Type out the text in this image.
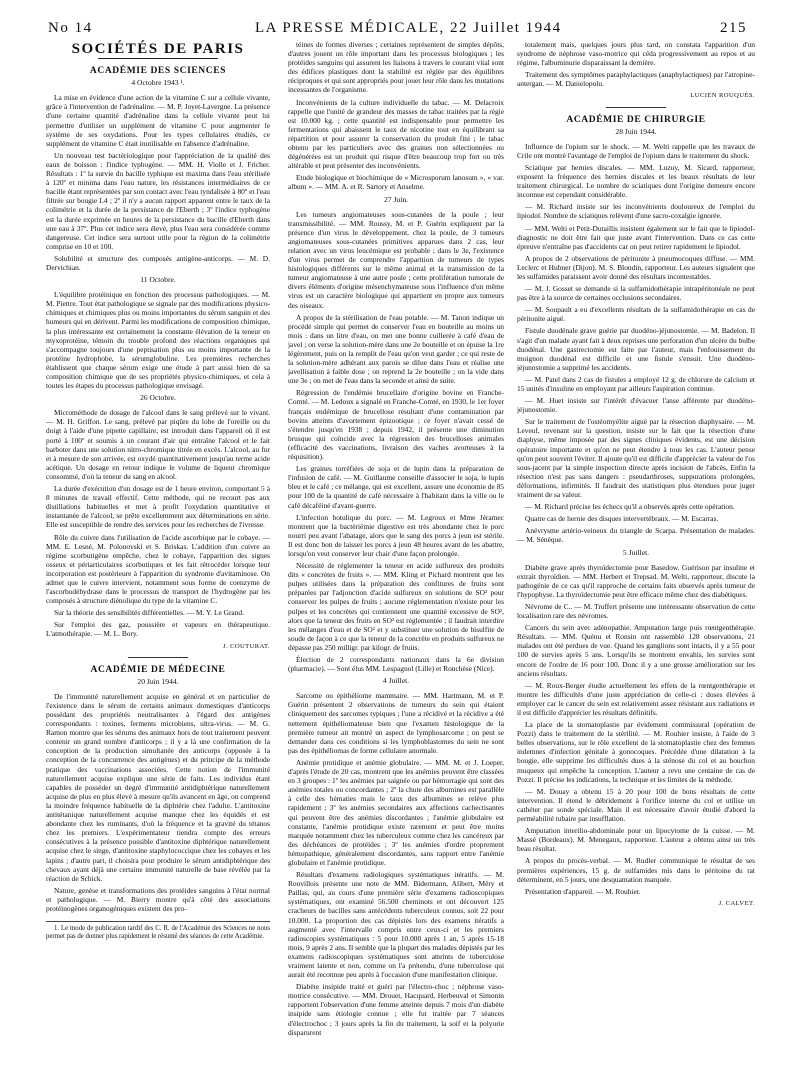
No 14	LA PRESSE MÉDICALE, 22 Juillet 1944	215
SOCIÉTÉS DE PARIS
ACADÉMIE DES SCIENCES
4 Octobre 1943 ¹.

La mise en évidence d'une action de la vitamine C sur a cellule vivante, grâce à l'intervention de l'adrénaline. — M. P. Joyet-Lavergne. La présence d'une certaine quantité d'adrénaline dans la cellule vivante peut lui permettre d'utiliser un supplément de vitamine C pour augmenter le système de ses oxydations. Pour les types cellulaires étudiés, ce supplément de vitamine C était inutilisable en l'absence d'adrénaline.

Un nouveau test bactériologique pour l'appréciation de la qualité des eaux de boisson : l'indice typhogène. — MM. H. Violle et J. Fricher. Résultats : 1º la survie du bacille typhique est maxima dans l'eau stérilisée à 120º et minima dans l'eau nature, les résistances intermédiaires de ce bacille étant représentées par son contact avec l'eau tyndalisée à 80º et l'eau filtrée sur bougie L4 ; 2º il n'y a aucun rapport apparent entre le taux de la colimétrie et la durée de la persistance de l'Eberth ; 3º l'indice typhogène est la durée exprimée en heures de la persistance du bacille d'Eberth dans une eau à 37º. Plus cet indice sera élevé, plus l'eau sera considérée comme dangereuse. Cet indice sera surtout utile pour la région de la colimétrie comprise en 10 et 100.

Solubilité et structure des composés antigène-anticorps. — M. D. Dervichian.

11 Octobre.

L'équilibre protéinique en fonction des processus pathologiques. — M. M. Piettre. Tout état pathologique se signale par des modifications physico-chimiques et chimiques plus ou moins importantes du sérum sanguin et des humeurs qui en dérivent. Parmi les modifications de composition chimique, la plus intéressante est certainement la constante élévation de la teneur en myxoprotéine, témoin du trouble profond des réactions organiques qui s'accompagne toujours d'une peptisation plus ou moins importante de la protéine hydrophobe, la sérumglobuline. Les premières recherches établissent que chaque sérum exige une étude à part aussi bien de sa composition chimique que de ses propriétés physico-chimiques, et cela à toutes les étapes du processus pathologique envisagé.

26 Octobre.

Microméthode de dosage de l'alcool dans le sang prélevé sur le vivant. — M. H. Griffon. Le sang, prélevé par piqûre du lobe de l'oreille ou du doigt à l'aide d'une pipette capillaire, est introduit dans l'appareil où il est porté à 100º et soumis à un courant d'air qui entraîne l'alcool et le fait barboter dans une solution nitro-chromique titrée en excès. L'alcool, au fur et à mesure de son arrivée, est oxydé quantitativement jusqu'au terme acide acétique. Un dosage en retour indique le volume de liqueur chromique consommé, d'où la teneur du sang en alcool.

La durée d'exécution d'un dosage est de 1 heure environ, comportant 5 à 8 minutes de travail effectif. Cette méthode, qui ne recourt pas aux distillations habituelles et met à profit l'oxydation quantitative et instantanée de l'alcool, se prête excellemment aux déterminations en série. Elle est susceptible de rendre des services pour les recherches de l'ivresse.

Rôle du cuivre dans l'utilisation de l'acide ascorbique par le cobaye. — MM. E. Lesné, M. Polonovski et S. Briskas. L'addition d'un cuivre au régime scorbutigène empêche, chez le cobaye, l'apparition des signes osseux et périarticulaires scorbutiques et les fait rétrocéder lorsque leur incorporation est postérieure à l'apparition du syndrome d'avitaminose. On admet que le cuivre intervient, notamment sous forme de coenzyme de l'ascorbodéhydrase dans le processus de transport de l'hydrogène par les composés à structure diénolique du type de la vitamine C.

Sur la théorie des sensibilités différentielles. — M. Y. Le Grand.

Sur l'emploi des gaz, poussière et vapeurs en thérapeutique. L'atmothérapie. — M. L. Bory.

J. COUTURAT.
ACADÉMIE DE MÉDECINE
20 Juin 1944.

De l'immunité naturellement acquise en général et en particulier de l'existence dans le sérum de certains animaux domestiques d'anticorps possédant des propriétés neutralisantes à l'égard des antigènes correspondants : toxines, ferments microbiens, ultra-virus. — M. G. Ramon montre que les sérums des animaux hors de tout traitement peuvent contenir un grand nombre d'anticorps ; il y a là une confirmation de la conception de la production simultanée des anticorps (opposée à la conception de la concurrence des antigènes) et du principe de la méthode pratique des vaccinations associées. Cette notion de l'immunité naturellement acquise explique une série de faits. Les individus étant capables de posséder un degré d'immunité antidiphtérique naturellement acquise de plus en plus élevé à mesure qu'ils avancent en âge, on comprend la moindre fréquence habituelle de la diphtérie chez l'adulte. L'antitoxine antitétanique naturellement acquise manque chez les équidés et est abondante chez les ruminants, d'où la fréquence et la gravité du tétanos chez les premiers. L'expérimentateur tiendra compte des erreurs consécutives à la présence possible d'antitoxine diphtérique naturellement acquise chez le singe, d'antitoxine staphylococcique chez les cobayes et les lapins ; d'autre part, il choisira pour produire le sérum antidiphtérique des chevaux ayant déjà une certaine immunité naturelle de base révélée par la réaction de Schick.

Nature, genèse et transformations des protéides sanguins à l'état normal et pathologique. — M. Bierry montre qu'à côté des associations protéinogènes organogéniques existent des pro-

1. Le mode de publication tardif des C. R. de l'Académie des Sciences ne nous permet pas de donner plus rapidement le résumé des séances de cette Académie.

téines de formes diverses ; certaines représentent de simples dépôts, d'autres jouent un rôle important dans les processus biologiques ; les protéides sanguins qui assurent les liaisons à travers le courant vital sont des édifices plastiques dont la stabilité est réglée par des équilibres réciproques et qui sont appropriés pour jouer leur rôle dans les mutations incessantes de l'organisme.

Inconvénients de la culture individuelle du tabac. — M. Delacroix rappelle que l'unité de grandeur des masses de tabac traitées par la régie est 10.000 kg. ; cette quantité est indispensable pour permettre les fermentations qui abaissent le taux de nicotine tout en équilibrant sa répartition et pour assurer la conservation du produit fini ; le tabac obtenu par les particuliers avec des graines non sélectionnées ou dégénérées est un produit qui risque d'être beaucoup trop fort ou très altérable et peut présenter des inconvénients.

Etude biologique et biochimique de « Microsporum lanosum », « var. album ». — MM. A. et R. Sartory et Anselme.

27 Juin.

Les tumeurs angiomateuses sous-cutanées de la poule ; leur transmissibilité. — MM. Roussy, M. et P. Guérin expliquent par la présence d'un virus le développement, chez la poule, de 3 tumeurs angiomateuses sous-cutanées primitives apparues dans 2 cas, leur relation avec un virus leucémique est probable ; dans le 3e, l'existence d'un virus permet de comprendre l'apparition de tumeurs de types histologiques différents sur le même animal et la transmission de la tumeur angiomateuse à une autre poule ; cette prolifération tumorale de divers éléments d'origine mésenchymateuse sous l'influence d'un même virus est un caractère biologique qui appartient en propre aux tumeurs des oiseaux.

A propos de la stérilisation de l'eau potable. — M. Tanon indique un procédé simple qui permet de conserver l'eau en bouteille au moins un mois : dans un litre d'eau, on met une bonne cuillerée à café d'eau de javel ; on verse la solution-mère dans une 2e bouteille et on épuise la 1re légèrement, puis on la remplit de l'eau qu'on veut garder ; ce qui reste de la solution-mère adhérant aux parois se dilue dans l'eau et réalise une javellisation à faible dose ; on reprend la 2e bouteille ; on la vide dans une 3e ; on met de l'eau dans la seconde et ainsi de suite.

Régression de l'endémie brucellaire d'origine bovine en Franche-Comté. — M. Ledoux a signalé en Franche-Comté, en 1930, le 1er foyer français endémique de brucellose résultant d'une contamination par bovins atteints d'avortement épizootique ; ce foyer n'avait cessé de s'étendre jusqu'en 1938 ; depuis 1942, il présente une diminution brusque qui coïncide avec la régression des brucelloses animales (efficacité des vaccinations, livraison des vaches avorteuses à la réquisition).

Les graines torréfiées de soja et de lupin dans la préparation de l'infusion de café. — M. Guillaume conseille d'associer le soja, le lupin bleu et le café ; ce mélange, qui est excellent, assure une économie de 85 pour 100 de la quantité de café nécessaire à l'habitant dans la ville ou le café décaféiné d'avant-guerre.

L'infection botulique du porc. — M. Legroux et Mme Jéramec montrent que la bactériémie digestive est très abondante chez le porc nourri peu avant l'abatage, alors que le sang des porcs à jeun est stérile. Il est donc bon de laisser les porcs à jeun 48 heures avant de les abattre, lorsqu'on veut conserver leur chair d'une façon prolongée.

Nécessité de réglementer la teneur en acide sulfureux des produits dits « concrètes de fruits ». — MM. Kling et Pichard montrent que les pulpes utilisées dans la préparation des confitures de fruits sont préparées par l'adjonction d'acide sulfureux en solutions de SO² pour conserver les pulpes de fruits ; aucune réglementation n'existe pour les pulpes et les concrètes qui contiennent une quantité excessive de SO², alors que la teneur des fruits en SO² est réglementée ; il faudrait interdire les mélanges d'eau et de SO² et y substituer une solution de bisulfite de soude de façon à ce que la teneur de la concrète en produits sulfureux ne dépasse pas 250 milligr. par kilogr. de fruits.

Élection de 2 correspondants nationaux dans la 6e division (pharmacie). — Sont élus MM. Lespagnol (Lille) et Ronchèse (Nice).

4 Juillet.

Sarcome ou épithéliome mammaire. — MM. Hartmann, M. et P. Guérin présentent 2 observations de tumeurs du sein qui étaient cliniquement des sarcomes typiques ; l'une a récidivé et la récidive a été nettement épithéliomateuse bien que l'examen histologique de la première tumeur ait montré un aspect de lymphosarcome ; on peut se demander dans ces conditions si les lymphoblastomes du sein ne sont pas des épithéliomas de forme cellulaire anormale.

Anémie protidique et anémie globulaire. — MM. M. et J. Loeper, d'après l'étude de 20 cas, montrent que les anémies peuvent être classées en 3 groupes : 1º les anémies par saignée ou par hémorragie qui sont des anémies totales ou concordantes ; 2º la chute des albumines est parallèle à celle des hématies mais le taux des albumines se relève plus rapidement ; 3º les anémies secondaires aux affections cachectisantes qui peuvent être des anémies discordantes ; l'anémie globulaire est constante, l'anémie protidique existe rarement et peut être moins marquée notamment chez les tuberculeux comme chez les cancéreux par des déchéances de protéides ; 3º les anémies d'ordre proprement hémopathique, généralement discordantes, sans rapport entre l'anémie globulaire et l'anémie protidique.

Résultats d'examens radiologiques systématiques itératifs. — M. Rouvillois présente une note de MM. Bidermann, Alibert, Méry et Paillas, qui, au cours d'une première série d'examens radioscopiques systématiques, ont examiné 56.500 cheminots et ont découvert 125 cracheurs de bacilles sans antécédents tuberculeux connus, soit 22 pour 10.000. La proportion des cas dépistés lors des examens itératifs a augmenté avec l'intervalle compris entre ceux-ci et les premiers radioscopies systématiques : 5 pour 10.000 après 1 an, 5 après 15-18 mois, 9 après 2 ans. Il semble que la plupart des malades dépistés par les examens radioscopiques systématiques sont atteints de tuberculose vraiment latente et non, comme on l'a prétendu, d'une tuberculose qui aurait été reconnue peu après à l'occasion d'une manifestation clinique.

Diabète insipide traité et guéri par l'électro-choc ; néphrose vaso-motrice consécutive. — MM. Drouet, Hacquard, Herbeuval et Simonin rapportent l'observation d'une femme atteinte depuis 7 mois d'un diabète insipide sans étiologie connue ; elle fut traitée par 7 séances d'électrochoc ; 3 jours après la fin du traitement, la soif et la polyurie disparurent

totalement mais, quelques jours plus tard, on constata l'apparition d'un syndrome de néphrose vaso-motrice qui céda progressivement au repos et au régime, l'albuminurie disparaissant la dernière.

Traitement des symptômes paraphylactiques (anaphylactiques) par l'atropine-antergan. — M. Danielopolu.

LUCIEN ROUQUÈS.
ACADÉMIE DE CHIRURGIE
28 Juin 1944.

Influence de l'opium sur le shock. — M. Welti rappelle que les travaux de Crile ont montré l'avantage de l'emploi de l'opium dans le traitement du shock.

Sciatique par hernies discales. — MM. Luzuy, M. Sicard, rapporteur, exposent la fréquence des hernies discales et les beaux résultats de leur traitement chirurgical. Le nombre de sciatiques dont l'origine demeure encore inconnue est cependant considérable.

— M. Richard insiste sur les inconvénients douloureux de l'emploi du lipiodol. Nombre de sciatiques relèvent d'une sacro-coxalgie ignorée.

— MM. Welti et Petit-Dutaillis insistent également sur le fait que le lipiodol-diagnostic ne doit être fait que juste avant l'intervention. Dans ce cas cette épreuve n'entraîne pas d'accidents car on peut retirer rapidement le lipiodol.

A propos de 2 observations de péritonite à pneumocoques diffuse. — MM. Leclerc et Hubner (Dijon). M. S. Blondin, rapporteur. Les auteurs signalent que les sulfamides paraissent avoir donné des résultats incontestables.

— M. J. Gosset se demande si la sulfamidothérapie intrapéritonéale ne peut pas être à la source de certaines occlusions secondaires.

— M. Soupault a eu d'excellents résultats de la sulfamidothérapie en cas de péritonite aiguë.

Fistule duodénale grave guérie par duodéno-jéjunostomie. — M. Badelon. Il s'agit d'un malade ayant fait à deux reprises une perforation d'un ulcère du bulbe duodénal. Une gastrectomie est faite par l'auteur, mais l'enfouissement du moignon duodénal est difficile et une fistule s'ensuit. Une duodéno-jéjunostomie a supprimé les accidents.

— M. Patel dans 2 cas de fistules a employé 12 g. de chlorure de calcium et 15 unités d'insuline en employant par ailleurs l'aspiration continue.

— M. Huet insiste sur l'intérêt d'évacuer l'anse afférente par duodéno-jéjunostomie.

Sur le traitement de l'ostéomyélite aiguë par la résection diaphysaire. — M. Leveuf, revenant sur la question, insiste sur le fait que la résection d'une diaphyse, même imposée par des signes cliniques évidents, est une décision opératoire importante et qu'on ne peut étendre à tous les cas. L'auteur pense qu'on peut souvent l'éviter. Il ajoute qu'il est difficile d'apprécier la valeur de l'os sous-jacent par la simple inspection directe après incision de l'abcès. Enfin la résection n'est pas sans dangers : pseudarthroses, suppurations prolongées, déformations, infirmités. Il faudrait des statistiques plus étendues pour juger vraiment de sa valeur.

— M. Richard précise les échecs qu'il a observés après cette opération.

Quatre cas de hernie des disques intervertébraux. — M. Escarras.

Anévrysme artério-veineux du triangle de Scarpa. Présentation de malades. — M. Sénèque.

5 Juillet.

Diabète grave après thyroïdectomie pour Basedow. Guérison par insuline et extrait thyroïdien. — MM. Herbert et Trepsad. M. Welti, rapporteur, discute la pathogénie de ce cas qu'il rapproche de certains faits observés après tumeur de l'hypophyse. La thyroïdectomie peut être efficace même chez des diabétiques.

Névrome de C.. — M. Truffert présente une intéressante observation de cette localisation rare des névromes.

Cancers du sein avec adénopathie. Amputation large puis rœntgenthérapie. Résultats. — MM. Quénu et Ronsin ont rassemblé 128 observations, 21 malades ont été perdues de vue. Quand les ganglions sont intacts, il y a 55 pour 100 de survies après 5 ans. Lorsqu'ils se montrent envahis, les survies sont encore de l'ordre de 16 pour 100. Donc il y a une grosse amélioration sur les anciens résultats.

— M. Roux-Berger étudie actuellement les effets de la rœntgenthérapie et montre les difficultés d'une juste appréciation de celle-ci : doses élevées à employer car le cancer du sein est relativement assez résistant aux radiations et il est difficile d'apprécier les résultats définitifs.

La place de la stomatoplastie par évidement commissural (opération de Pozzi) dans le traitement de la stérilité. — M. Rouhier insiste, à l'aide de 3 belles observations, sur le rôle excellent de la stomatoplastie chez des femmes indemnes d'infection génitale à gonocoques. Précédée d'une dilatation à la bougie, elle supprime les difficultés dues à la sténose du col et au bouchon muqueux qui empêche la conception. L'auteur a revu une centaine de cas de Pozzi. Il précise les indications, la technique et les limites de la méthode.

— M. Douay a obtenu 15 à 20 pour 100 de bons résultats de cette intervention. Il étend le débridement à l'orifice interne du col et utilise un cathéter par sonde spéciale. Mais il est nécessaire d'avoir étudié d'abord la perméabilité tubaire par insufflation.

Amputation interilio-abdominale pour un lipocytome de la cuisse. — M. Massé (Bordeaux). M. Menegaux, rapporteur. L'auteur a obtenu ainsi un très beau résultat.

A propos du procès-verbal. — M. Rudler communique le résultat de ses premières expériences, 15 g. de sulfamides mis dans le péritoine du rat déterminent, en 5 jours, une desquamation marquée.

Présentation d'appareil. — M. Rouhier.

J. CALVET.
